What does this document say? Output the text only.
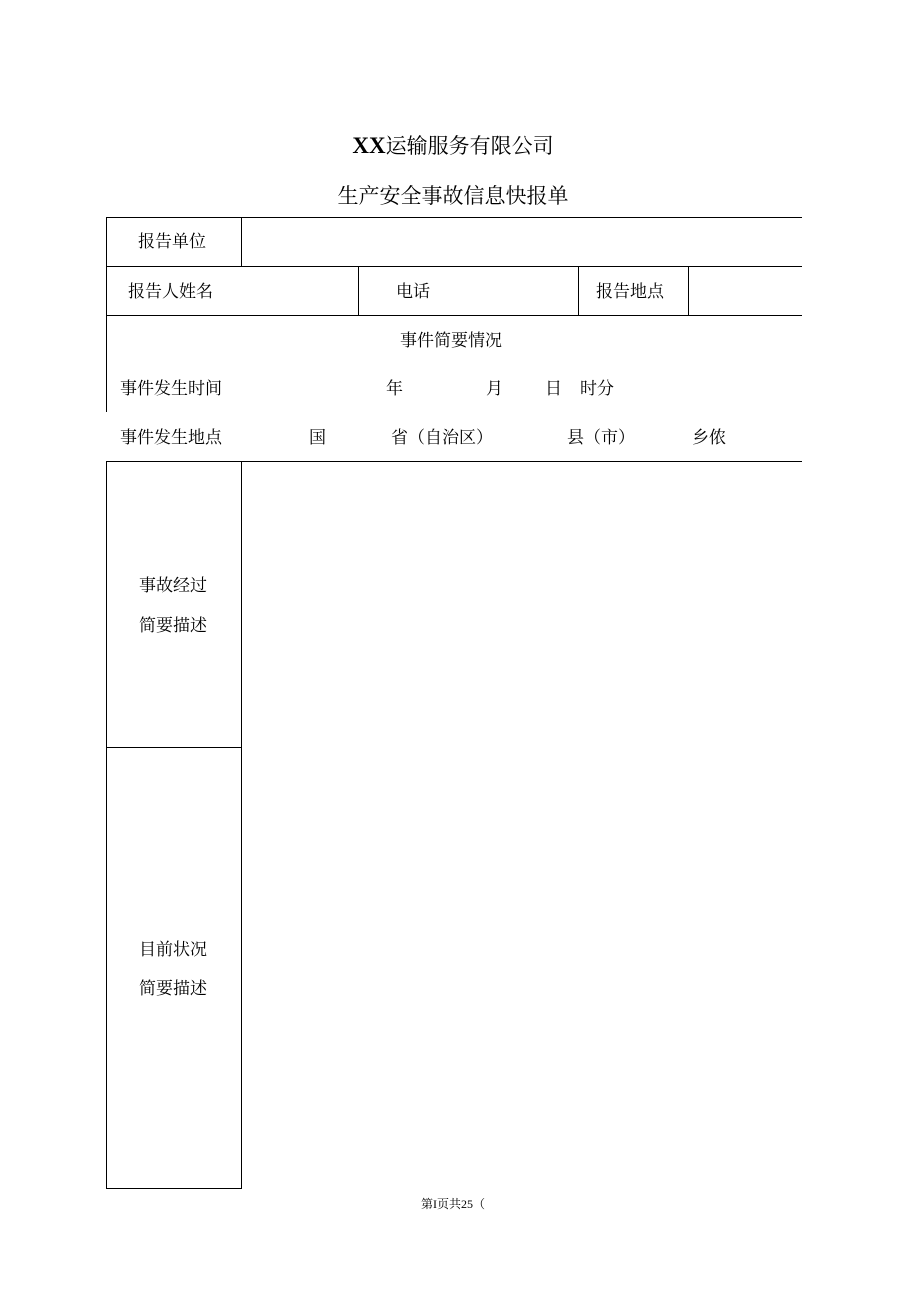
XX运输服务有限公司
生产安全事故信息快报单
报告单位
报告人姓名	电话	报告地点
事件简要情况
事件发生时间	年	月 日 时分
事件发生地点	国	省（自治区）	县（市）	乡侬
事故经过
简要描述
目前状况
简要描述
第I页共25（
